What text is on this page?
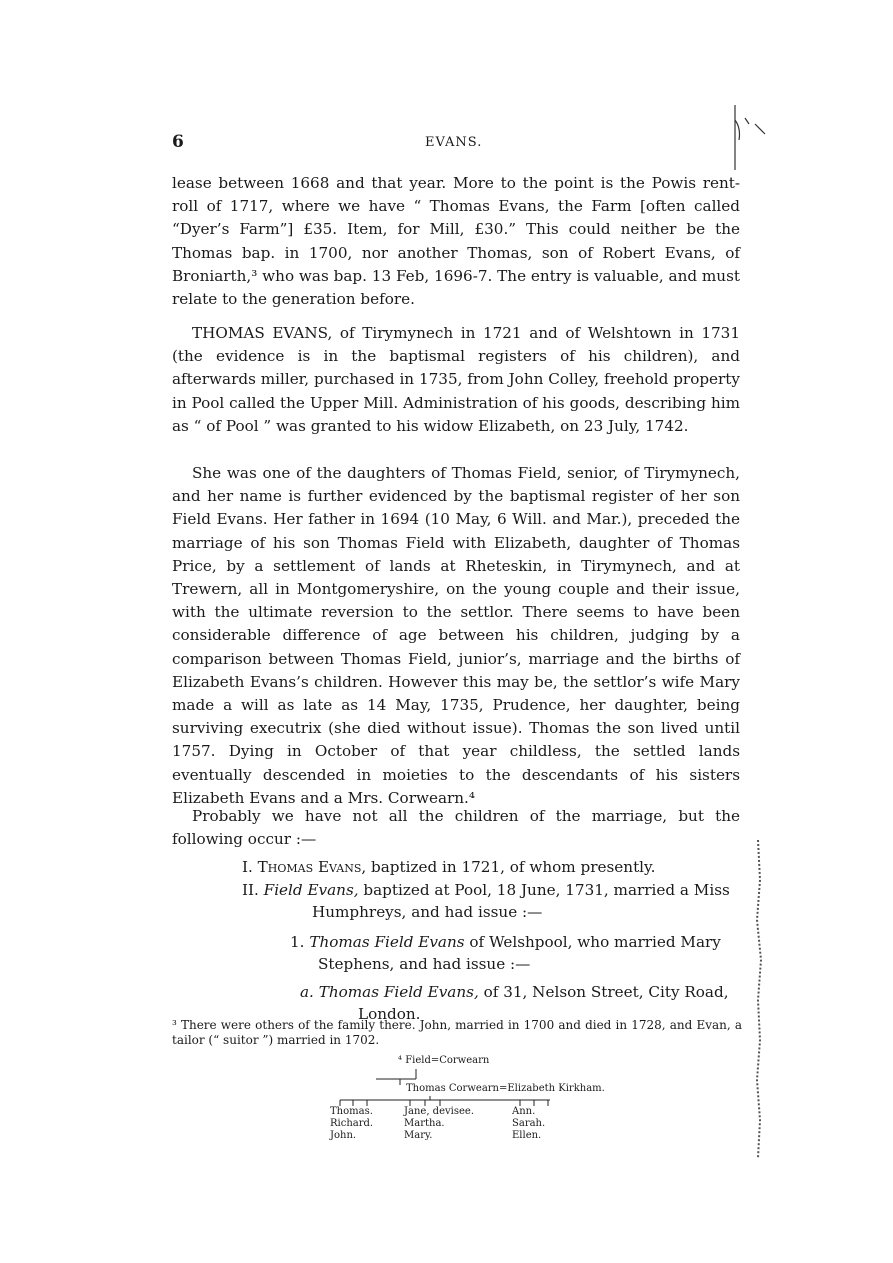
6	EVANS.

lease between 1668 and that year. More to the point is the Powis rent-roll of 1717, where we have “ Thomas Evans, the Farm [often called “Dyer’s Farm”] £35. Item, for Mill, £30.” This could neither be the Thomas bap. in 1700, nor another Thomas, son of Robert Evans, of Broniarth,³ who was bap. 13 Feb, 1696-7. The entry is valuable, and must relate to the generation before.

THOMAS EVANS, of Tirymynech in 1721 and of Welshtown in 1731 (the evidence is in the baptismal registers of his children), and afterwards miller, purchased in 1735, from John Colley, freehold property in Pool called the Upper Mill. Administration of his goods, describing him as “ of Pool ” was granted to his widow Elizabeth, on 23 July, 1742.

She was one of the daughters of Thomas Field, senior, of Tirymynech, and her name is further evidenced by the baptismal register of her son Field Evans. Her father in 1694 (10 May, 6 Will. and Mar.), preceded the marriage of his son Thomas Field with Elizabeth, daughter of Thomas Price, by a settlement of lands at Rheteskin, in Tirymynech, and at Trewern, all in Montgomeryshire, on the young couple and their issue, with the ultimate reversion to the settlor. There seems to have been considerable difference of age between his children, judging by a comparison between Thomas Field, junior’s, marriage and the births of Elizabeth Evans’s children. However this may be, the settlor’s wife Mary made a will as late as 14 May, 1735, Prudence, her daughter, being surviving executrix (she died without issue). Thomas the son lived until 1757. Dying in October of that year childless, the settled lands eventually descended in moieties to the descendants of his sisters Elizabeth Evans and a Mrs. Corwearn.⁴

Probably we have not all the children of the marriage, but the following occur :—

I. Thomas Evans, baptized in 1721, of whom presently.
II. Field Evans, baptized at Pool, 18 June, 1731, married a Miss
Humphreys, and had issue :—
1. Thomas Field Evans of Welshpool, who married Mary
Stephens, and had issue :—
a. Thomas Field Evans, of 31, Nelson Street, City Road,
London.
³ There were others of the family there. John, married in 1700 and died in 1728, and Evan, a tailor (“ suitor ”) married in 1702.
⁴ Field=Corwearn
Thomas Corwearn=Elizabeth Kirkham.
Thomas.
Richard.
John.
Jane, devisee.
Martha.
Mary.
Ann.
Sarah.
Ellen.
